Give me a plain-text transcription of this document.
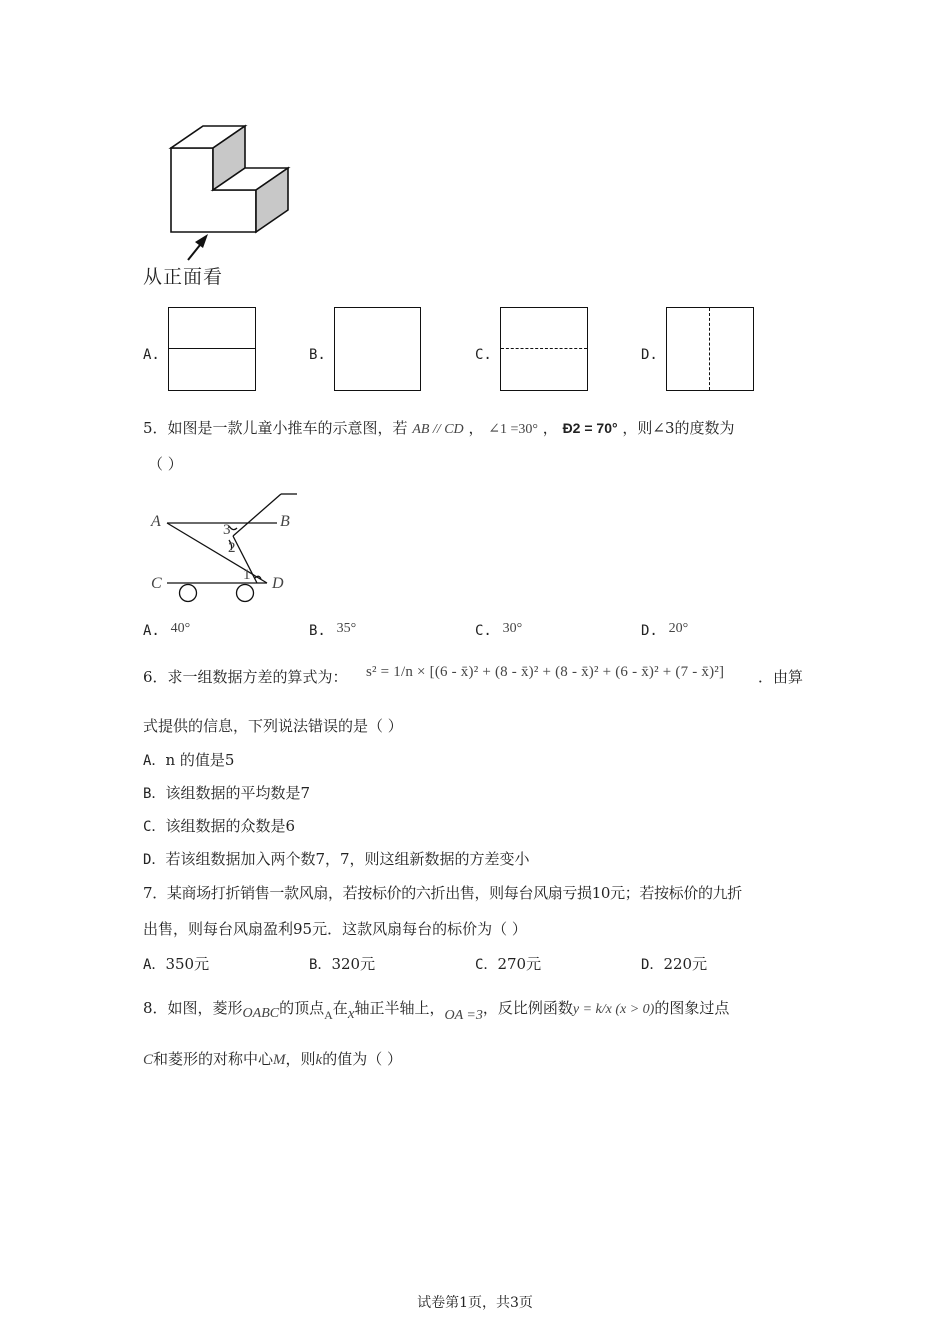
从正面看
A.	B.	C.	D.
5．如图是一款儿童小推车的示意图，若 AB // CD ， ∠1 =30° ， Đ2 = 70° ，则∠3的度数为
（ ）
A	B
C	D
3
2
1
A. 40°	B. 35°	C. 30°	D. 20°
6．求一组数据方差的算式为： s² = 1/n × [(6 - x̄)² + (8 - x̄)² + (8 - x̄)² + (6 - x̄)² + (7 - x̄)²] ．由算
式提供的信息，下列说法错误的是（ ）
A．n 的值是5
B．该组数据的平均数是7
C．该组数据的众数是6
D．若该组数据加入两个数7，7，则这组新数据的方差变小
7．某商场打折销售一款风扇，若按标价的六折出售，则每台风扇亏损10元；若按标价的九折
出售，则每台风扇盈利95元．这款风扇每台的标价为（ ）
A．350元	B．320元	C．270元	D．220元
8．如图，菱形OABC的顶点$_A$在x轴正半轴上，OA =3，反比例函数y = k/x (x > 0)的图象过点
C和菱形的对称中心M，则k的值为（ ）
试卷第1页，共3页
